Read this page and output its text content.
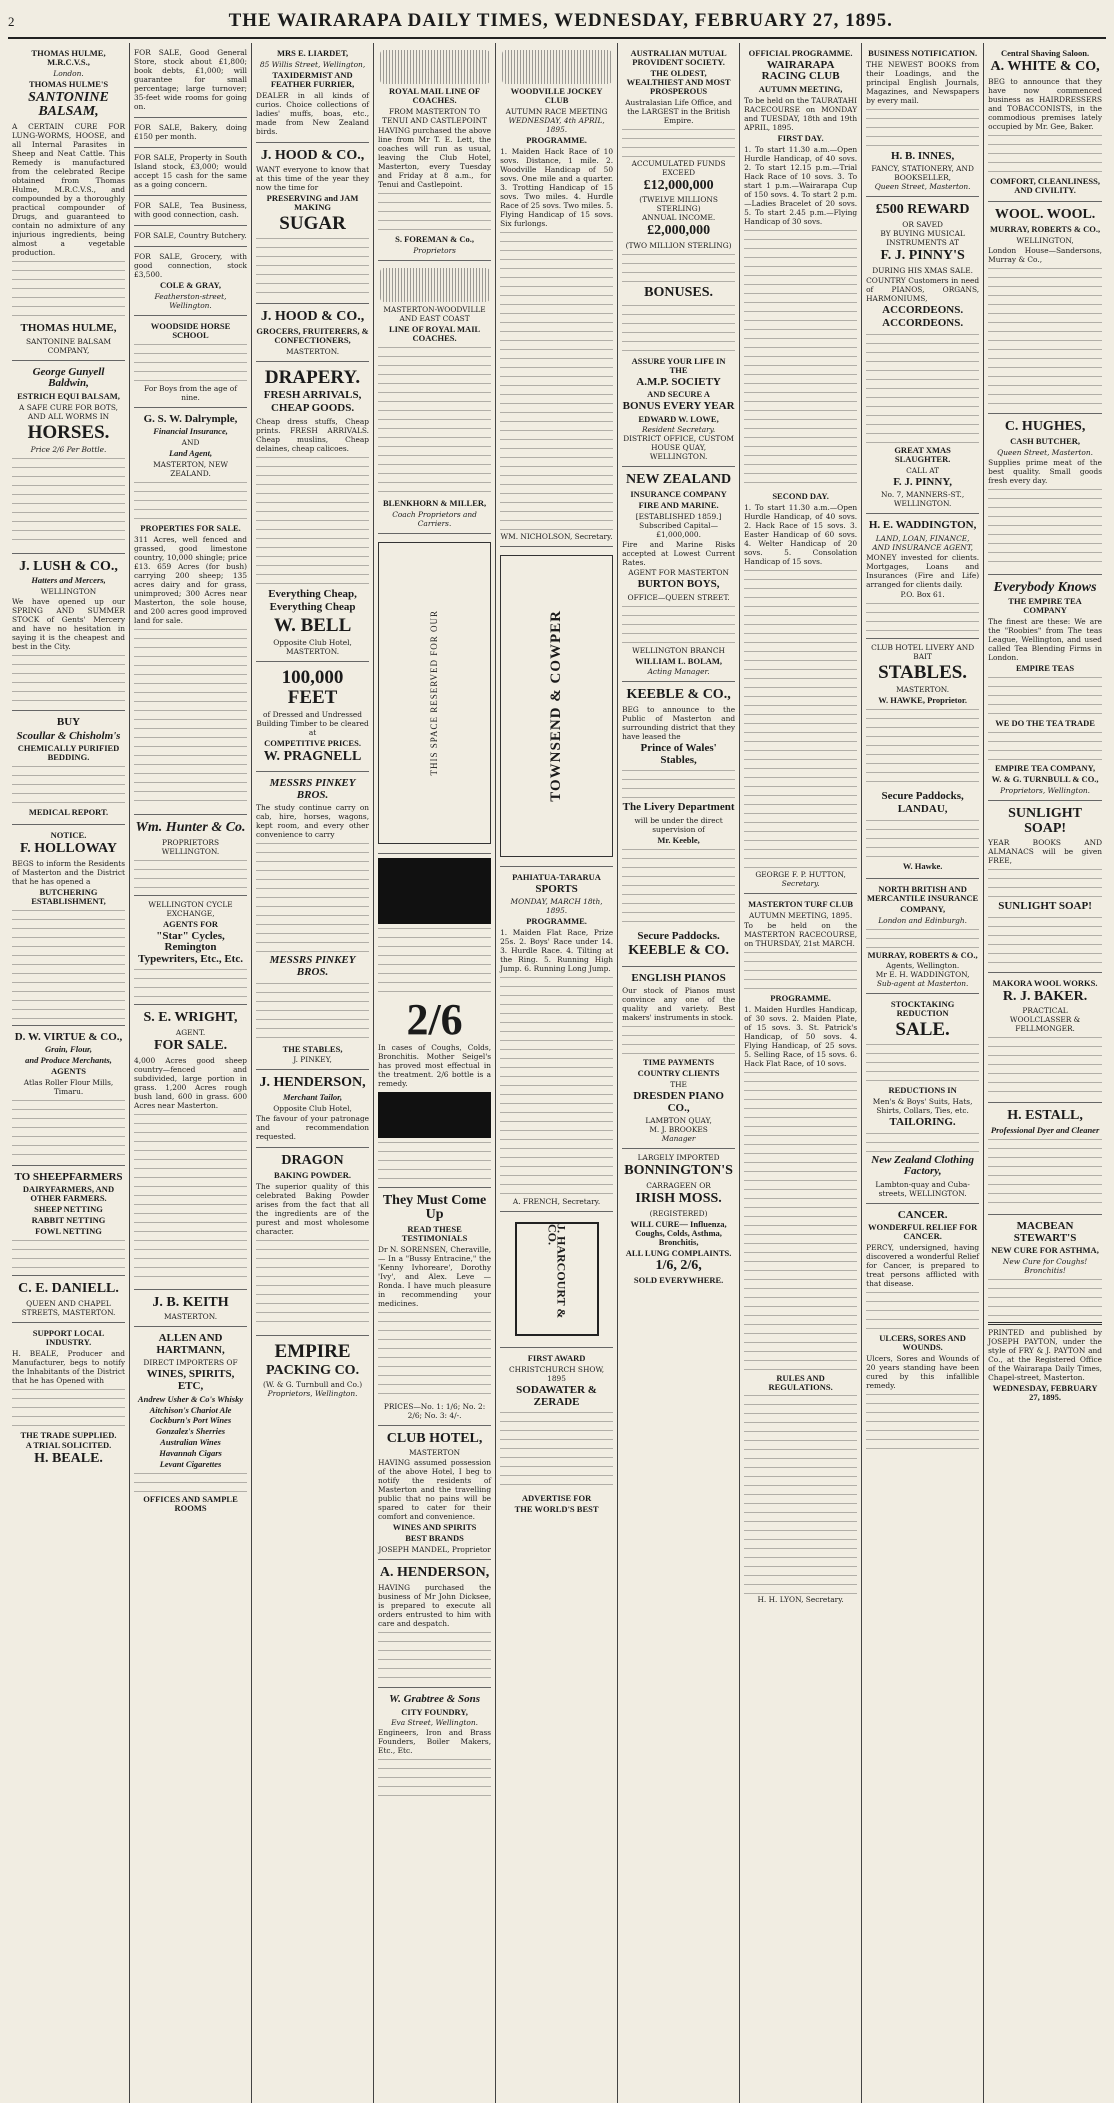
2	THE WAIRARAPA DAILY TIMES, WEDNESDAY, FEBRUARY 27, 1895.
THOMAS HULME, M.R.C.V.S.,
London.
THOMAS HULME'S
SANTONINE BALSAM,

A CERTAIN CURE FOR LUNG-WORMS, HOOSE, and all Internal Parasites in Sheep and Neat Cattle. This Remedy is manufactured from the celebrated Recipe obtained from Thomas Hulme, M.R.C.V.S., and compounded by a thoroughly practical compounder of Drugs, and guaranteed to contain no admixture of any injurious ingredients, being almost a vegetable production.

THOMAS HULME,
SANTONINE BALSAM COMPANY,
George Gunyell Baldwin,
ESTRICH EQUI BALSAM,
A SAFE CURE FOR BOTS, AND ALL WORMS IN
HORSES.
Price 2/6 Per Bottle.
J. LUSH & CO.,
Hatters and Mercers,
WELLINGTON

We have opened up our SPRING AND SUMMER STOCK of Gents' Mercery and have no hesitation in saying it is the cheapest and best in the City.

BUY
Scoullar & Chisholm's
CHEMICALLY PURIFIED BEDDING.
MEDICAL REPORT.
NOTICE.
F. HOLLOWAY

BEGS to inform the Residents of Masterton and the District that he has opened a

BUTCHERING ESTABLISHMENT,
D. W. VIRTUE & CO.,
Grain, Flour,
and Produce Merchants,
AGENTS
Atlas Roller Flour Mills, Timaru.
TO SHEEPFARMERS
DAIRYFARMERS, AND OTHER FARMERS.
SHEEP NETTING
RABBIT NETTING
FOWL NETTING
C. E. DANIELL.
QUEEN AND CHAPEL STREETS, MASTERTON.
SUPPORT LOCAL INDUSTRY.

H. BEALE, Producer and Manufacturer, begs to notify the Inhabitants of the District that he has Opened with

THE TRADE SUPPLIED.
A TRIAL SOLICITED.
H. BEALE.

FOR SALE, Good General Store, stock about £1,800; book debts, £1,000; will guarantee for small percentage; large turnover; 35-feet wide rooms for going on.

FOR SALE, Bakery, doing £150 per month.

FOR SALE, Property in South Island stock, £3,000; would accept 15 cash for the same as a going concern.

FOR SALE, Tea Business, with good connection, cash.

FOR SALE, Country Butchery.

FOR SALE, Grocery, with good connection, stock £3,500.

COLE & GRAY,
Featherston-street, Wellington.
WOODSIDE HORSE SCHOOL
For Boys from the age of nine.
G. S. W. Dalrymple,
Financial Insurance,
AND
Land Agent,
MASTERTON, NEW ZEALAND.
PROPERTIES FOR SALE.

311 Acres, well fenced and grassed, good limestone country, 10,000 shingle; price £13. 659 Acres (for bush) carrying 200 sheep; 135 acres dairy and for grass, unimproved; 300 Acres near Masterton, the sole house, and 200 acres good improved land for sale.

Wm. Hunter & Co.
PROPRIETORS WELLINGTON.
WELLINGTON CYCLE EXCHANGE,
AGENTS FOR
"Star" Cycles, Remington Typewriters, Etc., Etc.
S. E. WRIGHT,
AGENT.
FOR SALE.

4,000 Acres good sheep country—fenced and subdivided, large portion in grass. 1,200 Acres rough bush land, 600 in grass. 600 Acres near Masterton.

J. B. KEITH
MASTERTON.
ALLEN AND HARTMANN,
DIRECT IMPORTERS OF
WINES, SPIRITS, ETC,
Andrew Usher & Co's Whisky
Aitchison's Chariot Ale
Cockburn's Port Wines
Gonzalez's Sherries
Australian Wines
Havannah Cigars
Levant Cigarettes
OFFICES AND SAMPLE ROOMS
MRS E. LIARDET,
85 Willis Street, Wellington,
TAXIDERMIST AND FEATHER FURRIER,

DEALER in all kinds of curios. Choice collections of ladies' muffs, boas, etc., made from New Zealand birds.

J. HOOD & CO.,

WANT everyone to know that at this time of the year they now the time for

PRESERVING and JAM MAKING
SUGAR
J. HOOD & CO.,
GROCERS, FRUITERERS, & CONFECTIONERS,
MASTERTON.
DRAPERY.
FRESH ARRIVALS,
CHEAP GOODS.

Cheap dress stuffs, Cheap prints. FRESH ARRIVALS. Cheap muslins, Cheap delaines, cheap calicoes.

Everything Cheap,
Everything Cheap
W. BELL
Opposite Club Hotel,
MASTERTON.
100,000 FEET
of Dressed and Undressed Building Timber to be cleared at
COMPETITIVE PRICES.
W. PRAGNELL
MESSRS PINKEY BROS.

The study continue carry on cab, hire, horses, wagons, kept room, and every other convenience to carry

MESSRS PINKEY BROS.
THE STABLES,
J. PINKEY,
J. HENDERSON,
Merchant Tailor,
Opposite Club Hotel,

The favour of your patronage and recommendation requested.

DRAGON
BAKING POWDER.

The superior quality of this celebrated Baking Powder arises from the fact that all the ingredients are of the purest and most wholesome character.

EMPIRE
PACKING CO.
(W. & G. Turnbull and Co.)
Proprietors, Wellington.
ROYAL MAIL LINE OF COACHES.
FROM MASTERTON TO TENUI AND CASTLEPOINT

HAVING purchased the above line from Mr T. E. Lett, the coaches will run as usual, leaving the Club Hotel, Masterton, every Tuesday and Friday at 8 a.m., for Tenui and Castlepoint.

S. FOREMAN & Co.,
Proprietors
MASTERTON-WOODVILLE AND EAST COAST
LINE OF ROYAL MAIL COACHES.
BLENKHORN & MILLER,
Coach Proprietors and Carriers.
THIS SPACE RESERVED FOR OUR
2/6

In cases of Coughs, Colds, Bronchitis. Mother Seigel's has proved most effectual in the treatment. 2/6 bottle is a remedy.

They Must Come Up
READ THESE TESTIMONIALS

Dr N. SORENSEN, Cheraville,— In a "Bussy Entracine," the 'Kenny Ivhoreare', Dorothy 'Ivy', and Alex. Leve — Ronda. I have much pleasure in recommending your medicines.

PRICES—No. 1: 1/6; No. 2: 2/6; No. 3: 4/-.
CLUB HOTEL,
MASTERTON

HAVING assumed possession of the above Hotel, I beg to notify the residents of Masterton and the travelling public that no pains will be spared to cater for their comfort and convenience.

WINES AND SPIRITS
BEST BRANDS
JOSEPH MANDEL, Proprietor
A. HENDERSON,

HAVING purchased the business of Mr John Dicksee, is prepared to execute all orders entrusted to him with care and despatch.

W. Grabtree & Sons
CITY FOUNDRY,
Eva Street, Wellington.

Engineers, Iron and Brass Founders, Boiler Makers, Etc., Etc.

WOODVILLE JOCKEY CLUB
AUTUMN RACE MEETING
WEDNESDAY, 4th APRIL, 1895.
PROGRAMME.

1. Maiden Hack Race of 10 sovs. Distance, 1 mile. 2. Woodville Handicap of 50 sovs. One mile and a quarter. 3. Trotting Handicap of 15 sovs. Two miles. 4. Hurdle Race of 25 sovs. Two miles. 5. Flying Handicap of 15 sovs. Six furlongs.

WM. NICHOLSON, Secretary.
TOWNSEND & COWPER
PAHIATUA-TARARUA
SPORTS
MONDAY, MARCH 18th, 1895.
PROGRAMME.

1. Maiden Flat Race, Prize 25s. 2. Boys' Race under 14. 3. Hurdle Race. 4. Tilting at the Ring. 5. Running High Jump. 6. Running Long Jump.

A. FRENCH, Secretary.
J. HARCOURT & CO.
FIRST AWARD
CHRISTCHURCH SHOW, 1895
SODAWATER & ZERADE
ADVERTISE FOR
THE WORLD'S BEST
AUSTRALIAN MUTUAL PROVIDENT SOCIETY.
THE OLDEST, WEALTHIEST AND MOST PROSPEROUS
Australasian Life Office, and the LARGEST in the British Empire.
ACCUMULATED FUNDS EXCEED
£12,000,000
(TWELVE MILLIONS STERLING)
ANNUAL INCOME.
£2,000,000
(TWO MILLION STERLING)
BONUSES.
ASSURE YOUR LIFE IN THE
A.M.P. SOCIETY
AND SECURE A
BONUS EVERY YEAR
EDWARD W. LOWE,
Resident Secretary.
DISTRICT OFFICE, CUSTOM HOUSE QUAY, WELLINGTON.
NEW ZEALAND
INSURANCE COMPANY
FIRE AND MARINE.
[ESTABLISHED 1859.]
Subscribed Capital—£1,000,000.

Fire and Marine Risks accepted at Lowest Current Rates.

AGENT FOR MASTERTON
BURTON BOYS,
OFFICE—QUEEN STREET.
WELLINGTON BRANCH
WILLIAM L. BOLAM,
Acting Manager.
KEEBLE & CO.,

BEG to announce to the Public of Masterton and surrounding district that they have leased the

Prince of Wales' Stables,
The Livery Department
will be under the direct supervision of
Mr. Keeble,
Secure Paddocks.
KEEBLE & CO.
ENGLISH PIANOS

Our stock of Pianos must convince any one of the quality and variety. Best makers' instruments in stock.

TIME PAYMENTS
COUNTRY CLIENTS
THE
DRESDEN PIANO CO.,
LAMBTON QUAY,
M. J. BROOKES
Manager
LARGELY IMPORTED
BONNINGTON'S
CARRAGEEN OR
IRISH MOSS.
(REGISTERED)
WILL CURE— Influenza, Coughs, Colds, Asthma, Bronchitis,
ALL LUNG COMPLAINTS.
1/6, 2/6,
SOLD EVERYWHERE.
OFFICIAL PROGRAMME.
WAIRARAPA RACING CLUB
AUTUMN MEETING,

To be held on the TAURATAHI RACECOURSE on MONDAY and TUESDAY, 18th and 19th APRIL, 1895.

FIRST DAY.

1. To start 11.30 a.m.—Open Hurdle Handicap, of 40 sovs. 2. To start 12.15 p.m.—Trial Hack Race of 10 sovs. 3. To start 1 p.m.—Wairarapa Cup of 150 sovs. 4. To start 2 p.m.—Ladies Bracelet of 20 sovs. 5. To start 2.45 p.m.—Flying Handicap of 30 sovs.

SECOND DAY.

1. To start 11.30 a.m.—Open Hurdle Handicap, of 40 sovs. 2. Hack Race of 15 sovs. 3. Easter Handicap of 60 sovs. 4. Welter Handicap of 20 sovs. 5. Consolation Handicap of 15 sovs.

GEORGE F. P. HUTTON,
Secretary.
MASTERTON TURF CLUB
AUTUMN MEETING, 1895.

To be held on the MASTERTON RACECOURSE, on THURSDAY, 21st MARCH.

PROGRAMME.

1. Maiden Hurdles Handicap, of 30 sovs. 2. Maiden Plate, of 15 sovs. 3. St. Patrick's Handicap, of 50 sovs. 4. Flying Handicap, of 25 sovs. 5. Selling Race, of 15 sovs. 6. Hack Flat Race, of 10 sovs.

RULES AND REGULATIONS.
H. H. LYON, Secretary.
BUSINESS NOTIFICATION.

THE NEWEST BOOKS from their Loadings, and the principal English Journals, Magazines, and Newspapers by every mail.

H. B. INNES,
FANCY, STATIONERY, AND BOOKSELLER,
Queen Street, Masterton.
£500 REWARD
OR SAVED
BY BUYING MUSICAL INSTRUMENTS AT
F. J. PINNY'S
DURING HIS XMAS SALE.

COUNTRY Customers in need of PIANOS, ORGANS, HARMONIUMS,

ACCORDEONS.
ACCORDEONS.
GREAT XMAS SLAUGHTER.
CALL AT
F. J. PINNY,
No. 7, MANNERS-ST., WELLINGTON.
H. E. WADDINGTON,
LAND, LOAN, FINANCE, AND INSURANCE AGENT,

MONEY invested for clients. Mortgages, Loans and Insurances (Fire and Life) arranged for clients daily.

P.O. Box 61.
CLUB HOTEL LIVERY AND BAIT
STABLES.
MASTERTON.
W. HAWKE, Proprietor.
Secure Paddocks,
LANDAU,
W. Hawke.
NORTH BRITISH AND MERCANTILE INSURANCE
COMPANY,
London and Edinburgh.
MURRAY, ROBERTS & CO.,
Agents, Wellington.
Mr E. H. WADDINGTON,
Sub-agent at Masterton.
STOCKTAKING REDUCTION
SALE.
REDUCTIONS IN
Men's & Boys' Suits, Hats, Shirts, Collars, Ties, etc.
TAILORING.
New Zealand Clothing Factory,
Lambton-quay and Cuba-streets, WELLINGTON.
CANCER.
WONDERFUL RELIEF FOR CANCER.

PERCY, undersigned, having discovered a wonderful Relief for Cancer, is prepared to treat persons afflicted with that disease.

ULCERS, SORES AND WOUNDS.

Ulcers, Sores and Wounds of 20 years standing have been cured by this infallible remedy.

Central Shaving Saloon.
A. WHITE & CO,

BEG to announce that they have now commenced business as HAIRDRESSERS and TOBACCONISTS, in the commodious premises lately occupied by Mr. Gee, Baker.

COMFORT, CLEANLINESS, AND CIVILITY.
WOOL. WOOL.
MURRAY, ROBERTS & CO.,
WELLINGTON,

London House—Sandersons, Murray & Co.,

C. HUGHES,
CASH BUTCHER,
Queen Street, Masterton.

Supplies prime meat of the best quality. Small goods fresh every day.

Everybody Knows
THE EMPIRE TEA COMPANY

The finest are these: We are the "Roobies" from The teas League, Wellington, and used called Tea Blending Firms in London.

EMPIRE TEAS
WE DO THE TEA TRADE
EMPIRE TEA COMPANY,
W. & G. TURNBULL & CO.,
Proprietors, Wellington.
SUNLIGHT SOAP!

YEAR BOOKS AND ALMANACS will be given FREE,

SUNLIGHT SOAP!
MAKORA WOOL WORKS.
R. J. BAKER.
PRACTICAL
WOOLCLASSER & FELLMONGER.
H. ESTALL,
Professional Dyer and Cleaner
MACBEAN STEWART'S
NEW CURE FOR ASTHMA,
New Cure for Coughs!
Bronchitis!

PRINTED and published by JOSEPH PAYTON, under the style of FRY & J. PAYTON and Co., at the Registered Office of the Wairarapa Daily Times, Chapel-street, Masterton.

WEDNESDAY, FEBRUARY 27, 1895.
